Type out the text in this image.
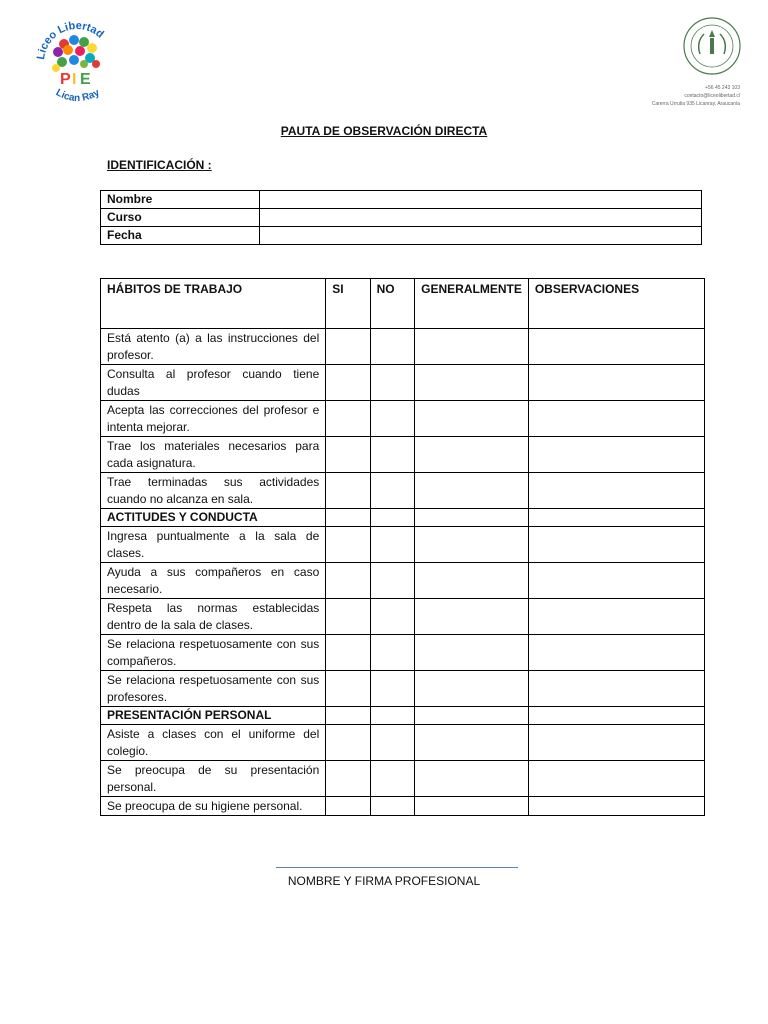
Liceo Libertad
P I E
Lican Ray	+56 45 243 103
contacto@liceolibertad.cl
Carerra Urrutia 935 Licanray, Araucanía
PAUTA DE OBSERVACIÓN DIRECTA
IDENTIFICACIÓN :
Nombre	
Curso	
Fecha	
HÁBITOS DE TRABAJO	SI	NO	GENERALMENTE	OBSERVACIONES
Está atento (a) a las instrucciones del profesor.				
Consulta al profesor cuando tiene dudas				
Acepta las correcciones del profesor e intenta mejorar.				
Trae los materiales necesarios para cada asignatura.				
Trae terminadas sus actividades cuando no alcanza en sala.				
ACTITUDES Y CONDUCTA				
Ingresa puntualmente a la sala de clases.				
Ayuda a sus compañeros en caso necesario.				
Respeta las normas establecidas dentro de la sala de clases.				
Se relaciona respetuosamente con sus compañeros.				
Se relaciona respetuosamente con sus profesores.				
PRESENTACIÓN PERSONAL				
Asiste a clases con el uniforme del colegio.				
Se preocupa de su presentación personal.				
Se preocupa de su higiene personal.				
NOMBRE Y FIRMA PROFESIONAL
